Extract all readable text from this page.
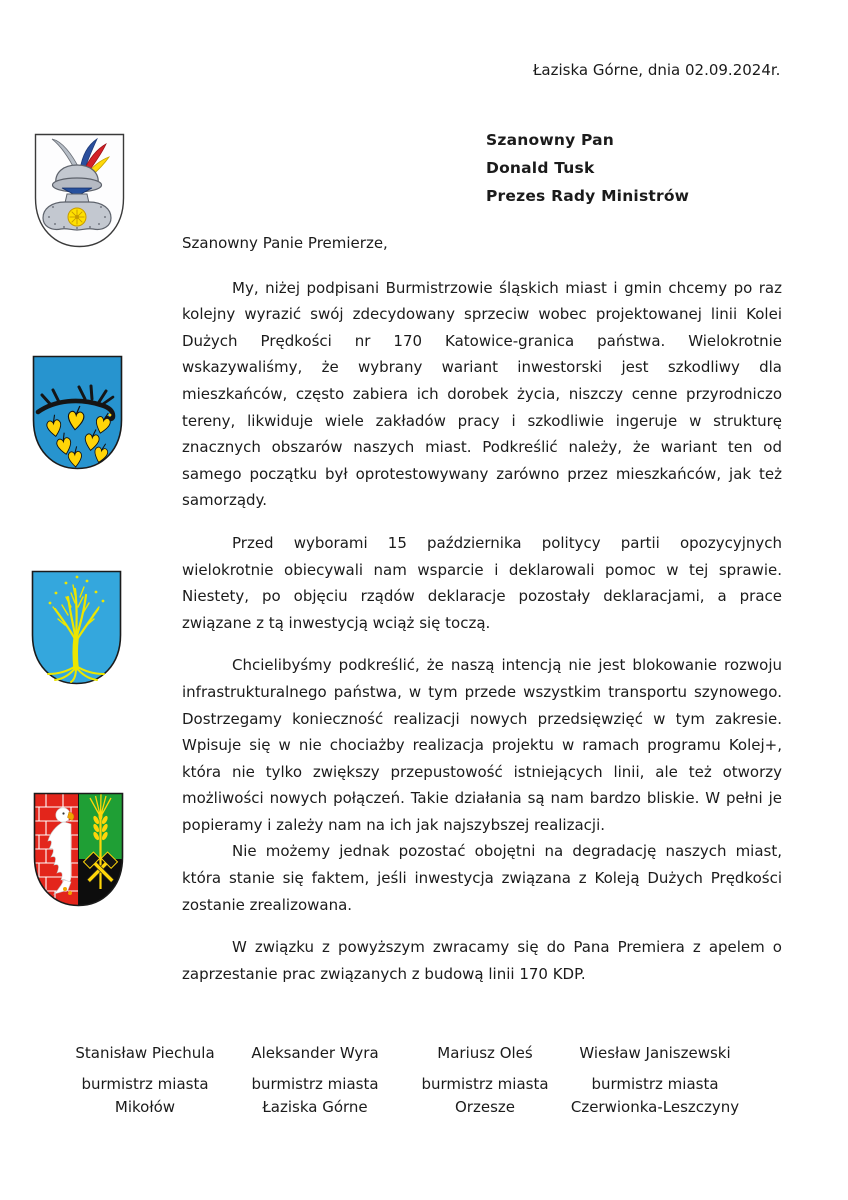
Łaziska Górne, dnia 02.09.2024r.
Szanowny Pan
Donald Tusk
Prezes Rady Ministrów
Szanowny Panie Premierze,

My, niżej podpisani Burmistrzowie śląskich miast i gmin chcemy po raz kolejny wyrazić swój zdecydowany sprzeciw wobec projektowanej linii Kolei Dużych Prędkości nr 170 Katowice-granica państwa. Wielokrotnie wskazywaliśmy, że wybrany wariant inwestorski jest szkodliwy dla mieszkańców, często zabiera ich dorobek życia, niszczy cenne przyrodniczo tereny, likwiduje wiele zakładów pracy i szkodliwie ingeruje w strukturę znacznych obszarów naszych miast. Podkreślić należy, że wariant ten od samego początku był oprotestowywany zarówno przez mieszkańców, jak też samorządy.

Przed wyborami 15 października politycy partii opozycyjnych wielokrotnie obiecywali nam wsparcie i deklarowali pomoc w tej sprawie. Niestety, po objęciu rządów deklaracje pozostały deklaracjami, a prace związane z tą inwestycją wciąż się toczą.

Chcielibyśmy podkreślić, że naszą intencją nie jest blokowanie rozwoju infrastrukturalnego państwa, w tym przede wszystkim transportu szynowego. Dostrzegamy konieczność realizacji nowych przedsięwzięć w tym zakresie. Wpisuje się w nie chociażby realizacja projektu w ramach programu Kolej+, która nie tylko zwiększy przepustowość istniejących linii, ale też otworzy możliwości nowych połączeń. Takie działania są nam bardzo bliskie. W pełni je popieramy i zależy nam na ich jak najszybszej realizacji.

Nie możemy jednak pozostać obojętni na degradację naszych miast, która stanie się faktem, jeśli inwestycja związana z Koleją Dużych Prędkości zostanie zrealizowana.

W związku z powyższym zwracamy się do Pana Premiera z apelem o zaprzestanie prac związanych z budową linii 170 KDP.

Stanisław Piechula
burmistrz miasta
Mikołów
Aleksander Wyra
burmistrz miasta
Łaziska Górne
Mariusz Oleś
burmistrz miasta
Orzesze
Wiesław Janiszewski
burmistrz miasta
Czerwionka-Leszczyny
